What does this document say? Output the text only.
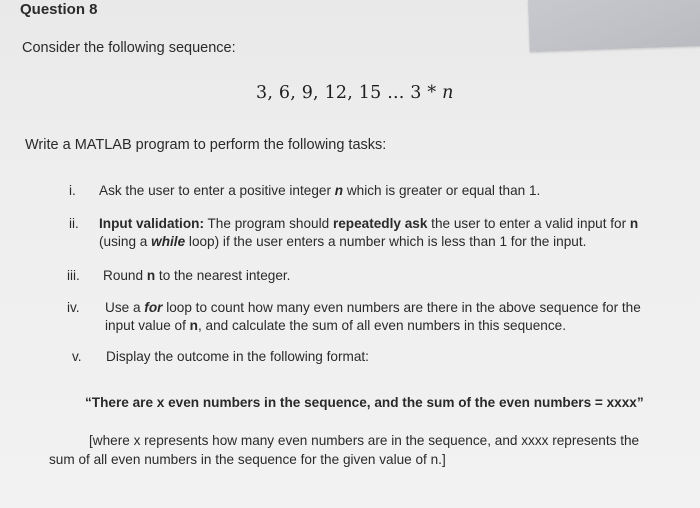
Question 8
Consider the following sequence:
3, 6, 9, 12, 15 ... 3 * n
Write a MATLAB program to perform the following tasks:
i. Ask the user to enter a positive integer n which is greater or equal than 1.
ii. Input validation: The program should repeatedly ask the user to enter a valid input for n
(using a while loop) if the user enters a number which is less than 1 for the input.
iii. Round n to the nearest integer.
iv. Use a for loop to count how many even numbers are there in the above sequence for the
input value of n, and calculate the sum of all even numbers in this sequence.
v. Display the outcome in the following format:
“There are x even numbers in the sequence, and the sum of the even numbers = xxxx”
[where x represents how many even numbers are in the sequence, and xxxx represents the
sum of all even numbers in the sequence for the given value of n.]
